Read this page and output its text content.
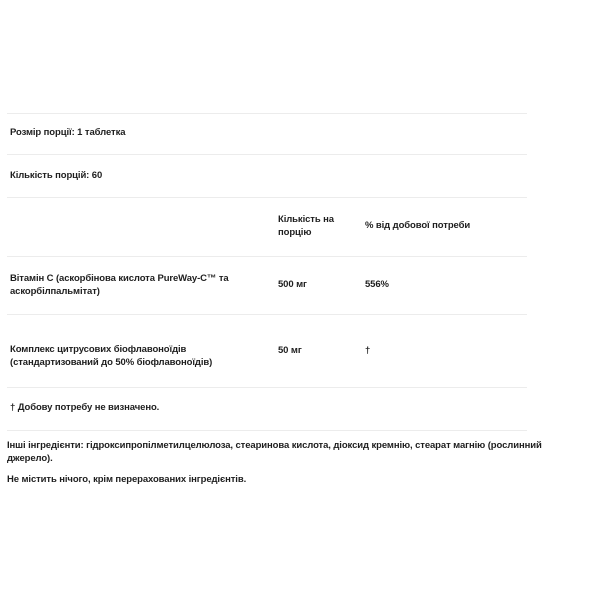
Розмір порції: 1 таблетка
Кількість порцій: 60
Кількість на порцію
% від добової потреби
Вітамін C (аскорбінова кислота PureWay-C™ та аскорбілпальмітат)
500 мг	556%
Комплекс цитрусових біофлавоноїдів (стандартизований до 50% біофлавоноїдів)
50 мг	†
† Добову потребу не визначено.
Інші інгредієнти: гідроксипропілметилцелюлоза, стеаринова кислота, діоксид кремнію, стеарат магнію (рослинний джерело).
Не містить нічого, крім перерахованих інгредієнтів.
